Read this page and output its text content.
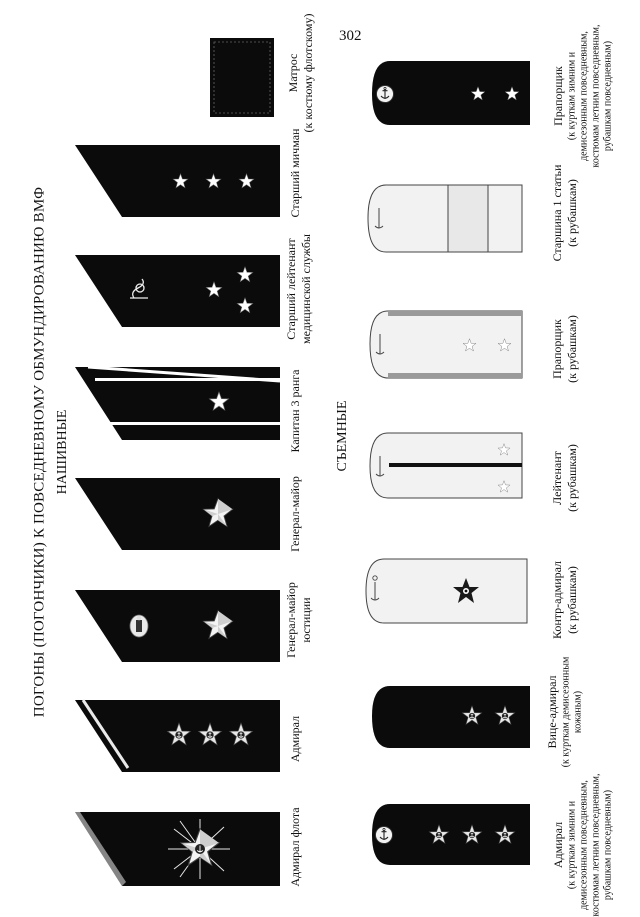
302
ПОГОНЫ (ПОГОНЧИКИ) К ПОВСЕДНЕВНОМУ ОБМУНДИРОВАНИЮ ВМФ НАШИВНЫЕ	СЪЕМНЫЕ
Адмирал флота
Адмирал
Генерал-майор юстиции
Генерал-майор
Капитан 3 ранга
Старший лейтенант медицинской службы
Старший мичман
Матрос (к костюму флотскому)
Адмирал (к курткам зимним и демисезонным повседневным, костюмам летним повседневным, рубашкам повседневным)
Вице-адмирал (к курткам демисезонным кожаным)
Контр-адмирал (к рубашкам)
Лейтенант (к рубашкам)
Прапорщик (к рубашкам)
Старшина 1 статьи (к рубашкам)
Прапорщик (к курткам зимним и демисезонным повседневным, костюмам летним повседневным, рубашкам повседневным)
